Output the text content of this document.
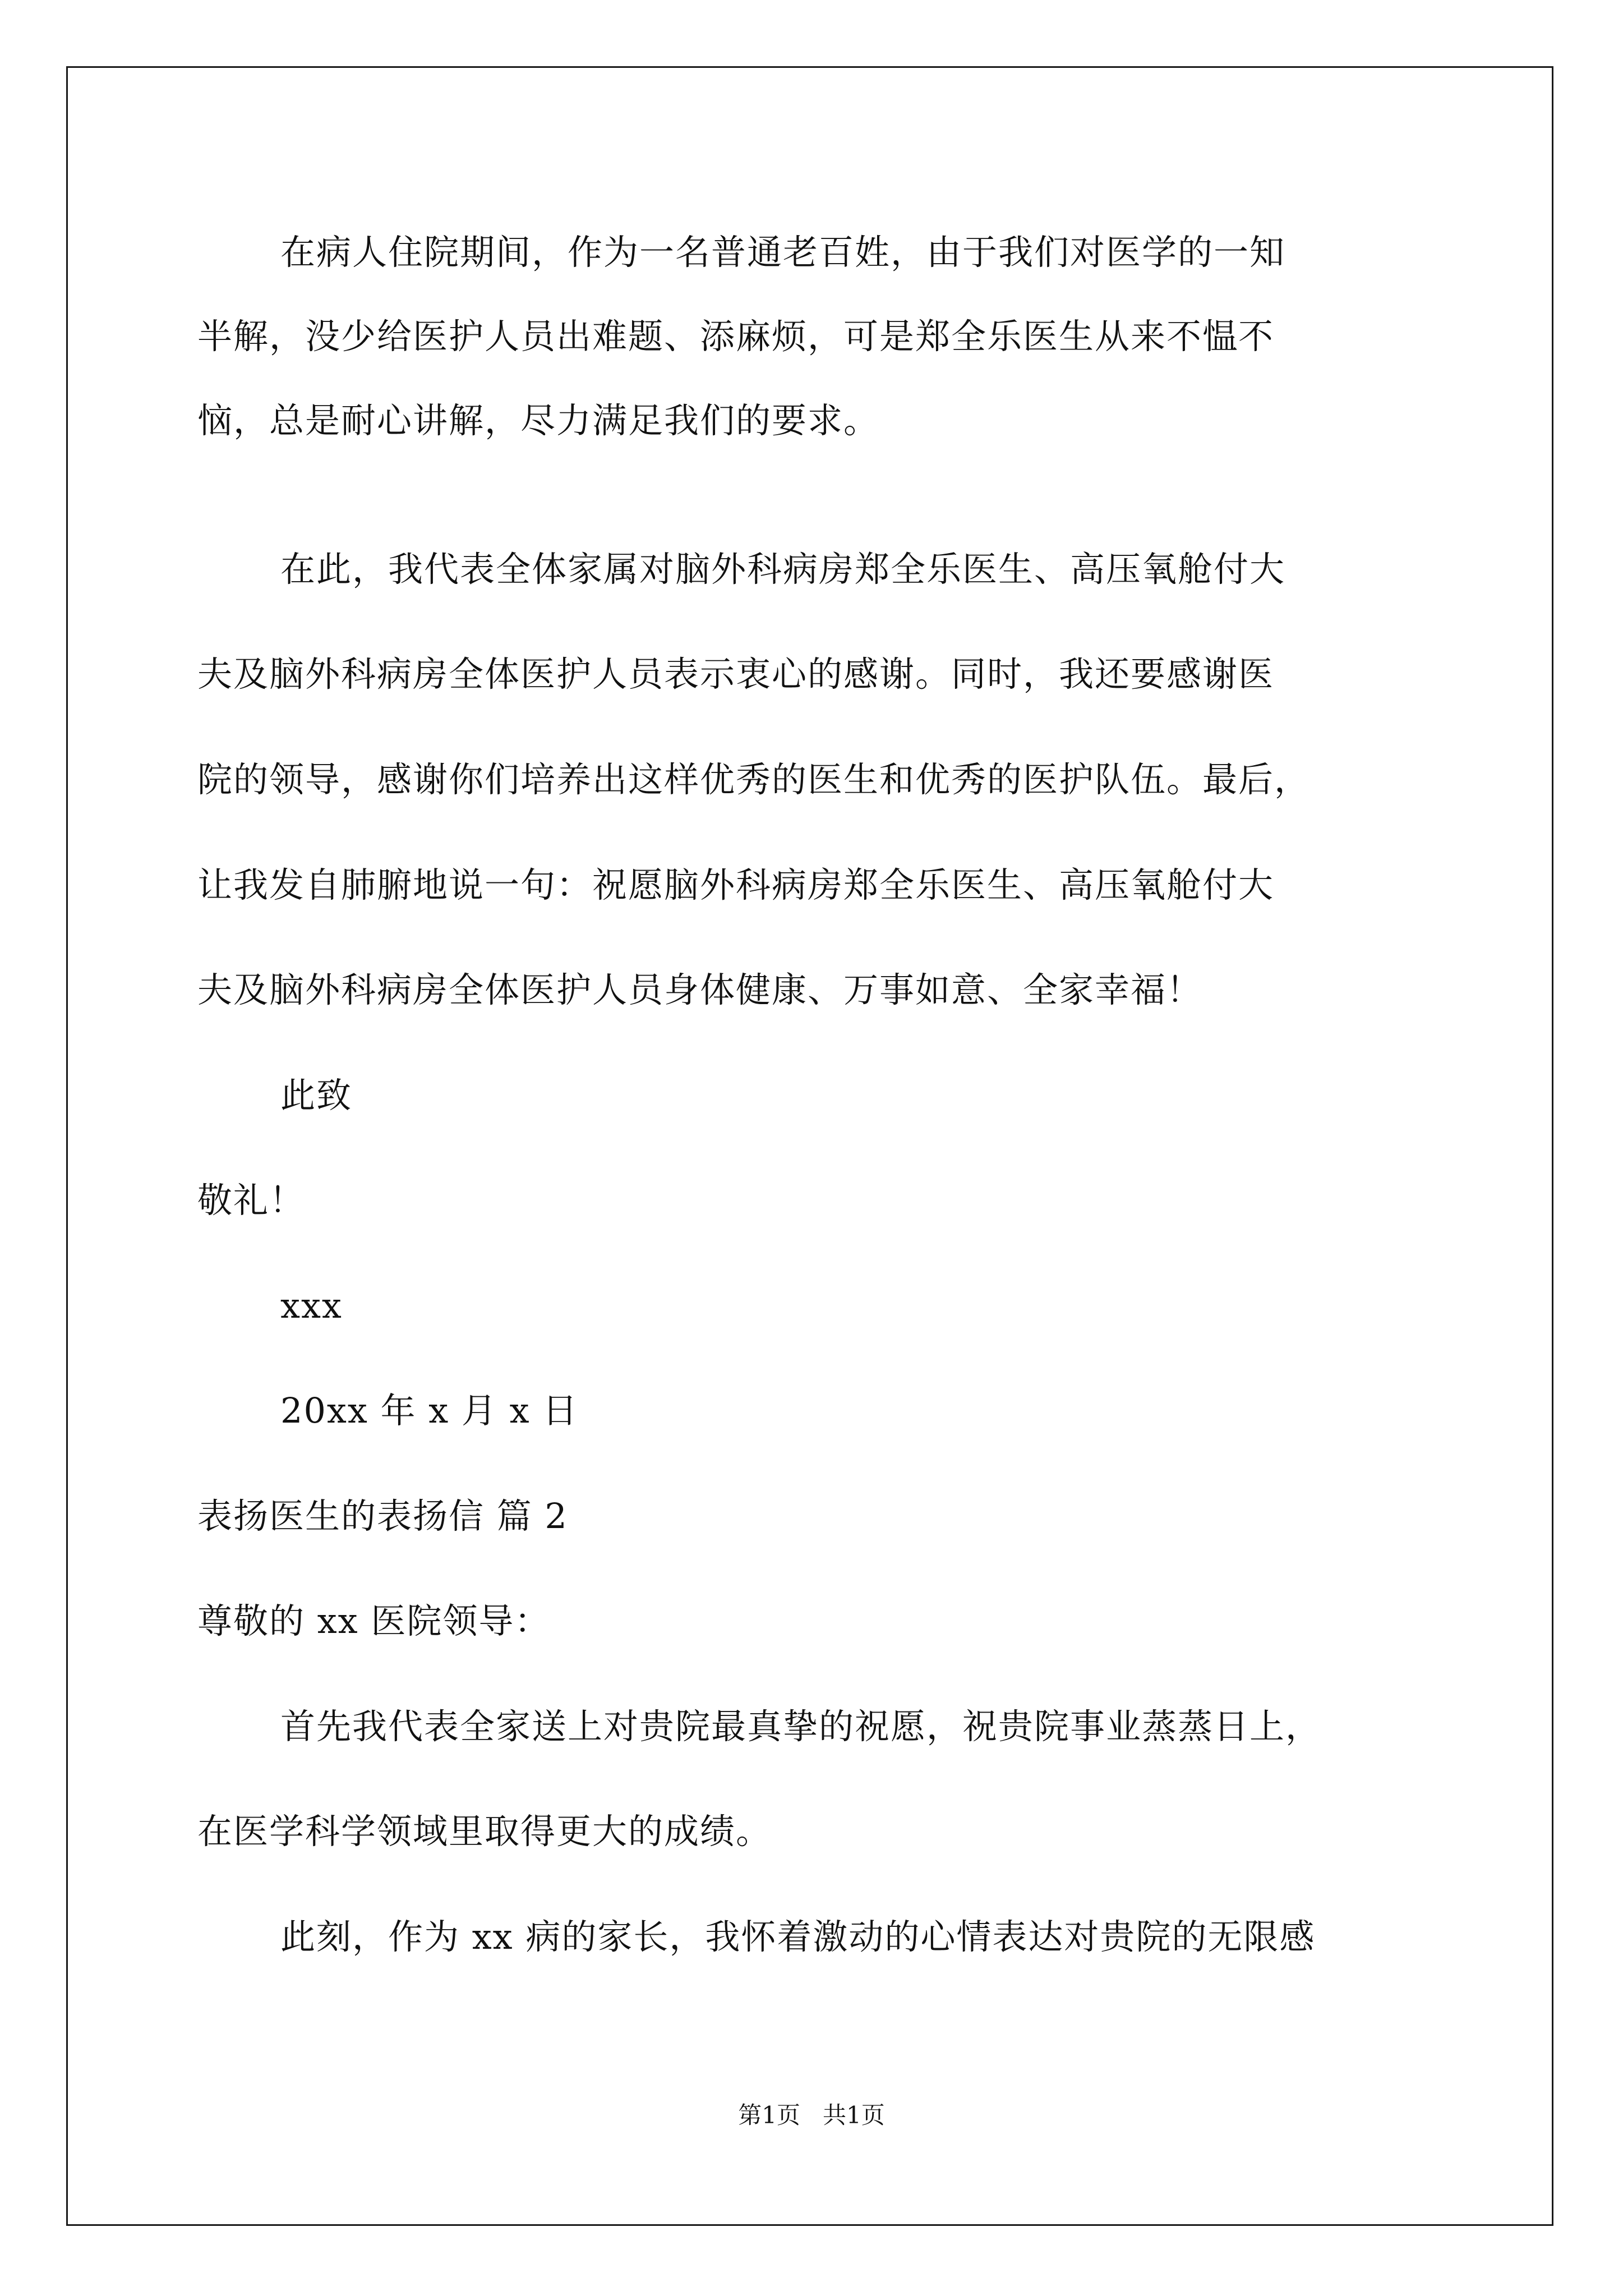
在病人住院期间，作为一名普通老百姓，由于我们对医学的一知
半解，没少给医护人员出难题、添麻烦，可是郑全乐医生从来不愠不
恼，总是耐心讲解，尽力满足我们的要求。
在此，我代表全体家属对脑外科病房郑全乐医生、高压氧舱付大
夫及脑外科病房全体医护人员表示衷心的感谢。同时，我还要感谢医
院的领导，感谢你们培养出这样优秀的医生和优秀的医护队伍。最后，
让我发自肺腑地说一句：祝愿脑外科病房郑全乐医生、高压氧舱付大
夫及脑外科病房全体医护人员身体健康、万事如意、全家幸福！
此致
敬礼！
xxx
20xx 年 x 月 x 日
表扬医生的表扬信 篇 2
尊敬的 xx 医院领导：
首先我代表全家送上对贵院最真挚的祝愿，祝贵院事业蒸蒸日上，
在医学科学领域里取得更大的成绩。
此刻，作为 xx 病的家长，我怀着激动的心情表达对贵院的无限感
第1页   共1页
